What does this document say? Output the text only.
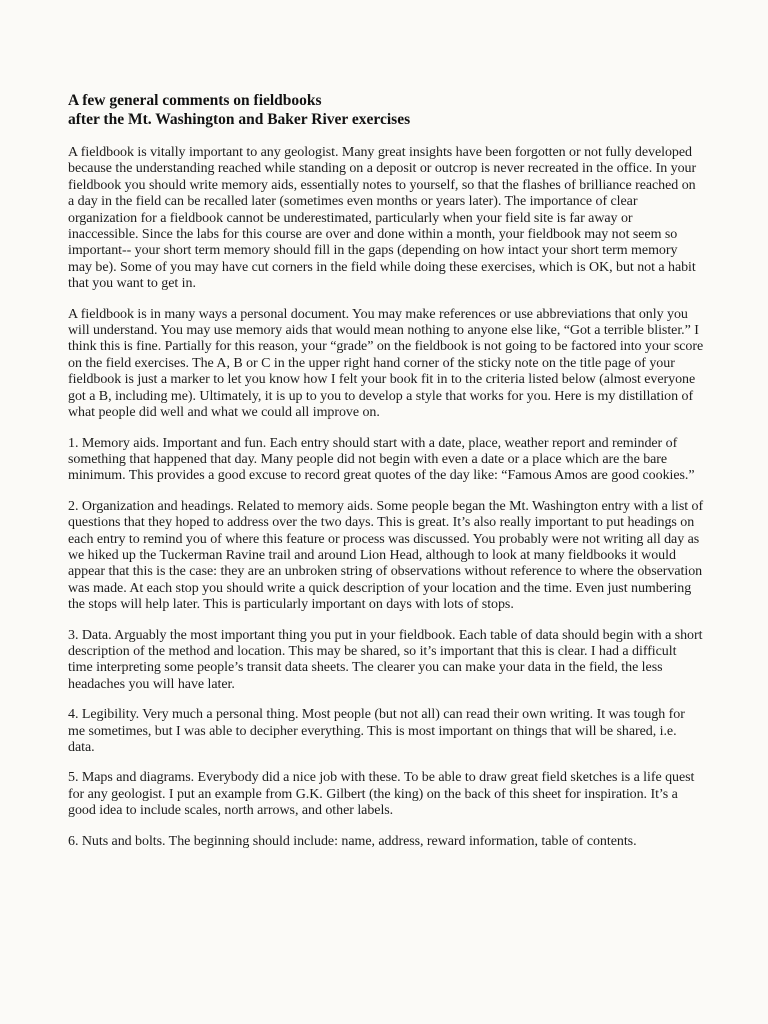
A few general comments on fieldbooks
after the Mt. Washington and Baker River exercises

A fieldbook is vitally important to any geologist. Many great insights have been forgotten or not fully developed because the understanding reached while standing on a deposit or outcrop is never recreated in the office. In your fieldbook you should write memory aids, essentially notes to yourself, so that the flashes of brilliance reached on a day in the field can be recalled later (sometimes even months or years later). The importance of clear organization for a fieldbook cannot be underestimated, particularly when your field site is far away or inaccessible. Since the labs for this course are over and done within a month, your fieldbook may not seem so important-- your short term memory should fill in the gaps (depending on how intact your short term memory may be). Some of you may have cut corners in the field while doing these exercises, which is OK, but not a habit that you want to get in.

A fieldbook is in many ways a personal document. You may make references or use abbreviations that only you will understand. You may use memory aids that would mean nothing to anyone else like, “Got a terrible blister.” I think this is fine. Partially for this reason, your “grade” on the fieldbook is not going to be factored into your score on the field exercises. The A, B or C in the upper right hand corner of the sticky note on the title page of your fieldbook is just a marker to let you know how I felt your book fit in to the criteria listed below (almost everyone got a B, including me). Ultimately, it is up to you to develop a style that works for you. Here is my distillation of what people did well and what we could all improve on.

1. Memory aids. Important and fun. Each entry should start with a date, place, weather report and reminder of something that happened that day. Many people did not begin with even a date or a place which are the bare minimum. This provides a good excuse to record great quotes of the day like: “Famous Amos are good cookies.”

2. Organization and headings. Related to memory aids. Some people began the Mt. Washington entry with a list of questions that they hoped to address over the two days. This is great. It’s also really important to put headings on each entry to remind you of where this feature or process was discussed. You probably were not writing all day as we hiked up the Tuckerman Ravine trail and around Lion Head, although to look at many fieldbooks it would appear that this is the case: they are an unbroken string of observations without reference to where the observation was made. At each stop you should write a quick description of your location and the time. Even just numbering the stops will help later. This is particularly important on days with lots of stops.

3. Data. Arguably the most important thing you put in your fieldbook. Each table of data should begin with a short description of the method and location. This may be shared, so it’s important that this is clear. I had a difficult time interpreting some people’s transit data sheets. The clearer you can make your data in the field, the less headaches you will have later.

4. Legibility. Very much a personal thing. Most people (but not all) can read their own writing. It was tough for me sometimes, but I was able to decipher everything. This is most important on things that will be shared, i.e. data.

5. Maps and diagrams. Everybody did a nice job with these. To be able to draw great field sketches is a life quest for any geologist. I put an example from G.K. Gilbert (the king) on the back of this sheet for inspiration. It’s a good idea to include scales, north arrows, and other labels.

6. Nuts and bolts. The beginning should include: name, address, reward information, table of contents.
